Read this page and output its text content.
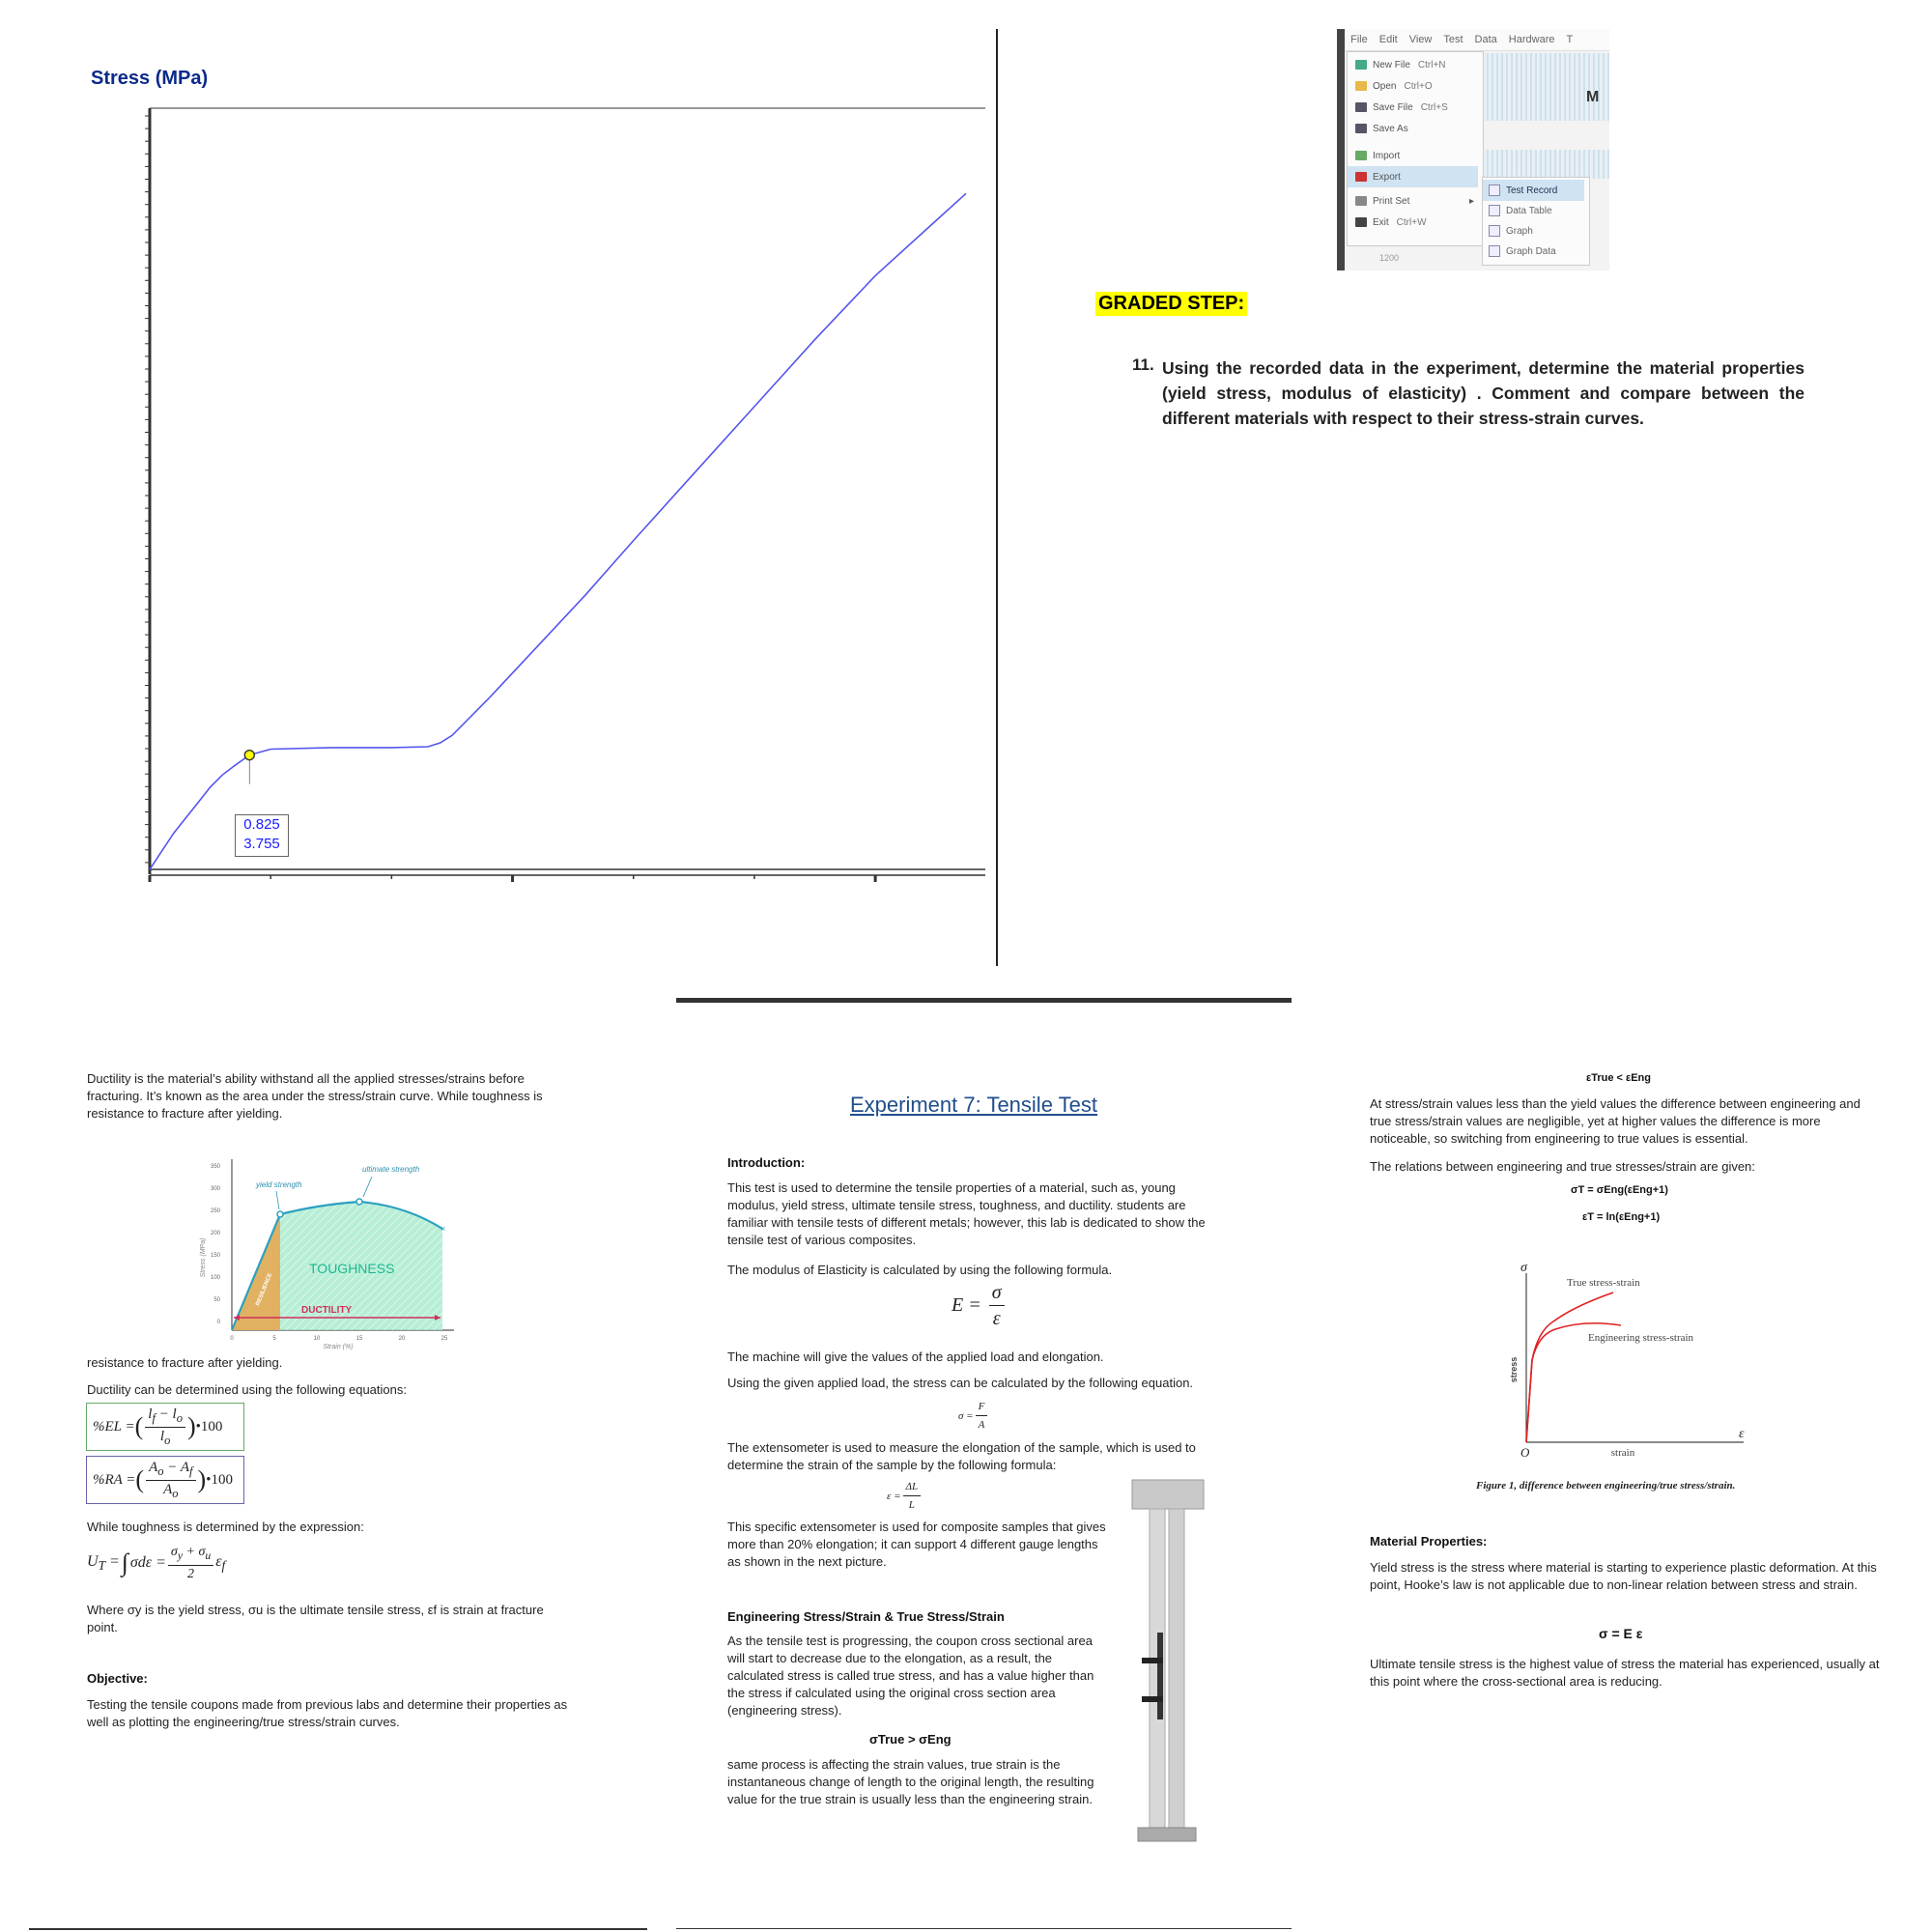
Stress (MPa)
0.825
3.755
File Edit View Test Data Hardware T
M
New File Ctrl+N
Open Ctrl+O
Save File Ctrl+S
Save As
Import
Export
Print Set	▸
Exit Ctrl+W
Test Record
Data Table
Graph
Graph Data
1200
GRADED STEP:
11. Using the recorded data in the experiment, determine the material properties (yield stress, modulus of elasticity) . Comment and compare between the different materials with respect to their stress-strain curves.
Ductility is the material’s ability withstand all the applied stresses/strains before fracturing. It’s known as the area under the stress/strain curve. While toughness is resistance to fracture after yielding.
350
300
250
200
150
100
50
0
0	5	10	15	20	25
Strain (%)
Stress (MPa)
×
yield strength
ultimate strength
TOUGHNESS
DUCTILITY
RESILIENCE
resistance to fracture after yielding.
Ductility can be determined using the following equations:
%EL = ( $\frac{l_f - l_o}{l_o}$ ) •100
%RA = ( $\frac{A_o - A_f}{A_o}$ ) •100
While toughness is determined by the expression:
$U_T$ = ∫ $\sigma d\varepsilon = \frac{\sigma_y + \sigma_u}{2} \varepsilon_f$
Where σy is the yield stress, σu is the ultimate tensile stress, εf is strain at fracture point.
Objective:
Testing the tensile coupons made from previous labs and determine their properties as well as plotting the engineering/true stress/strain curves.
Experiment 7: Tensile Test
Introduction:
This test is used to determine the tensile properties of a material, such as, young modulus, yield stress, ultimate tensile stress, toughness, and ductility. students are familiar with tensile tests of different metals; however, this lab is dedicated to show the tensile test of various composites.
The modulus of Elasticity is calculated by using the following formula.
$E = \frac{\sigma}{\varepsilon}$
The machine will give the values of the applied load and elongation.
Using the given applied load, the stress can be calculated by the following equation.
$\sigma = \frac{F}{A}$
The extensometer is used to measure the elongation of the sample, which is used to determine the strain of the sample by the following formula:
$\varepsilon = \frac{\Delta L}{L}$
This specific extensometer is used for composite samples that gives more than 20% elongation; it can support 4 different gauge lengths as shown in the next picture.
Engineering Stress/Strain & True Stress/Strain
As the tensile test is progressing, the coupon cross sectional area will start to decrease due to the elongation, as a result, the calculated stress is called true stress, and has a value higher than the stress if calculated using the original cross section area (engineering stress).
σTrue > σEng
same process is affecting the strain values, true strain is the instantaneous change of length to the original length, the resulting value for the true strain is usually less than the engineering strain.
εTrue < εEng
At stress/strain values less than the yield values the difference between engineering and true stress/strain values are negligible, yet at higher values the difference is more noticeable, so switching from engineering to true values is essential.
The relations between engineering and true stresses/strain are given:
σT = σEng(εEng+1)
εT = ln(εEng+1)
σ
ε
O
True stress-strain
Engineering stress-strain
stress
strain
Figure 1, difference between engineering/true stress/strain.
Material Properties:
Yield stress is the stress where material is starting to experience plastic deformation. At this point, Hooke’s law is not applicable due to non-linear relation between stress and strain.
σ = E ε
Ultimate tensile stress is the highest value of stress the material has experienced, usually at this point where the cross-sectional area is reducing.
